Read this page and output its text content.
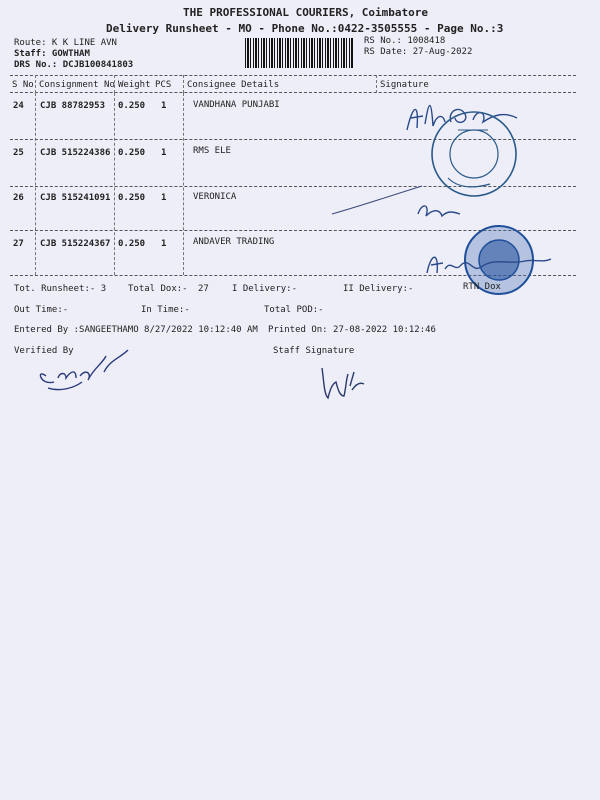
THE PROFESSIONAL COURIERS, Coimbatore
Delivery Runsheet - MO - Phone No.:0422-3505555 - Page No.:3
Route: K K LINE AVN
Staff: GOWTHAM
DRS No.: DCJB100841803
RS No.: 1008418
RS Date: 27-Aug-2022
S No Consignment No Weight PCS Consignee Details	Signature
24 CJB 88782953 0.250 1	VANDHANA PUNJABI
25 CJB 515224386 0.250 1	RMS ELE
26 CJB 515241091 0.250 1	VERONICA
27 CJB 515224367 0.250 1	ANDAVER TRADING
Tot. Runsheet:- 3 Total Dox:- 27	I Delivery:-	II Delivery:-	RTN Dox
Out Time:-	In Time:-	Total POD:-
Entered By :SANGEETHAMO 8/27/2022 10:12:40 AM Printed On: 27-08-2022 10:12:46
Verified By	Staff Signature
